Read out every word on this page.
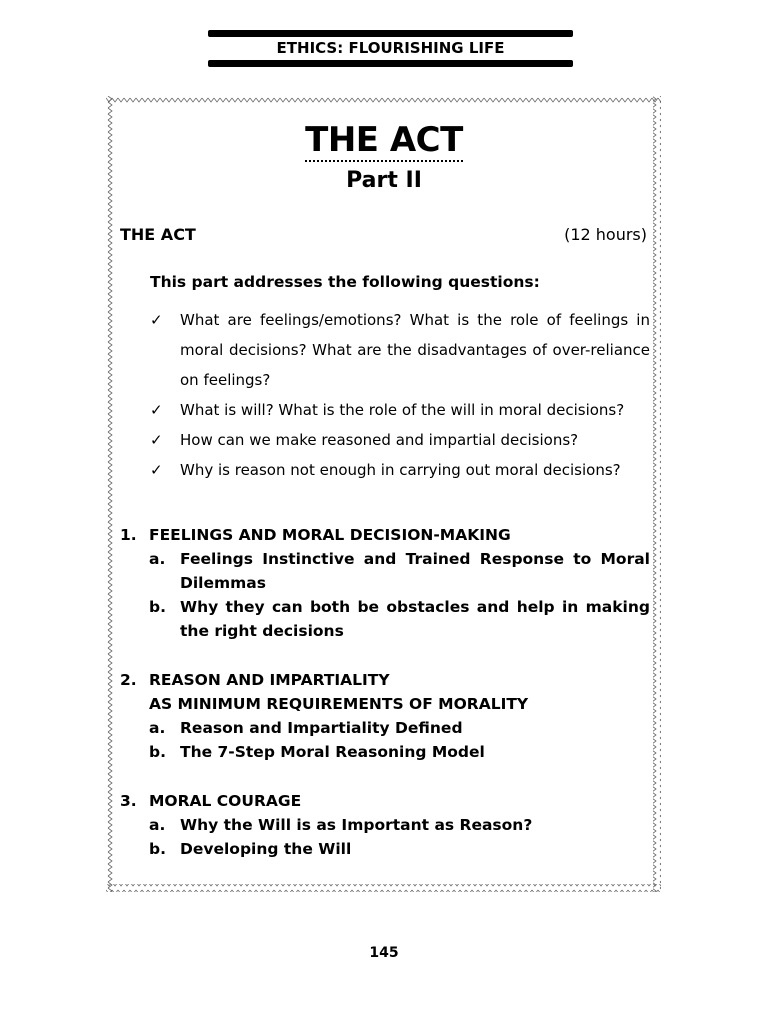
ETHICS: FLOURISHING LIFE
THE ACT
Part II
THE ACT	(12 hours)
This part addresses the following questions:
✓ What are feelings/emotions? What is the role of feelings in moral decisions? What are the disadvantages of over-reliance on feelings?
✓ What is will? What is the role of the will in moral decisions?
✓ How can we make reasoned and impartial decisions?
✓ Why is reason not enough in carrying out moral decisions?
1. FEELINGS AND MORAL DECISION-MAKING
a. Feelings Instinctive and Trained Response to Moral Dilemmas
b. Why they can both be obstacles and help in making the right decisions
2. REASON AND IMPARTIALITY
AS MINIMUM REQUIREMENTS OF MORALITY
a. Reason and Impartiality Defined
b. The 7-Step Moral Reasoning Model
3. MORAL COURAGE
a. Why the Will is as Important as Reason?
b. Developing the Will
145
